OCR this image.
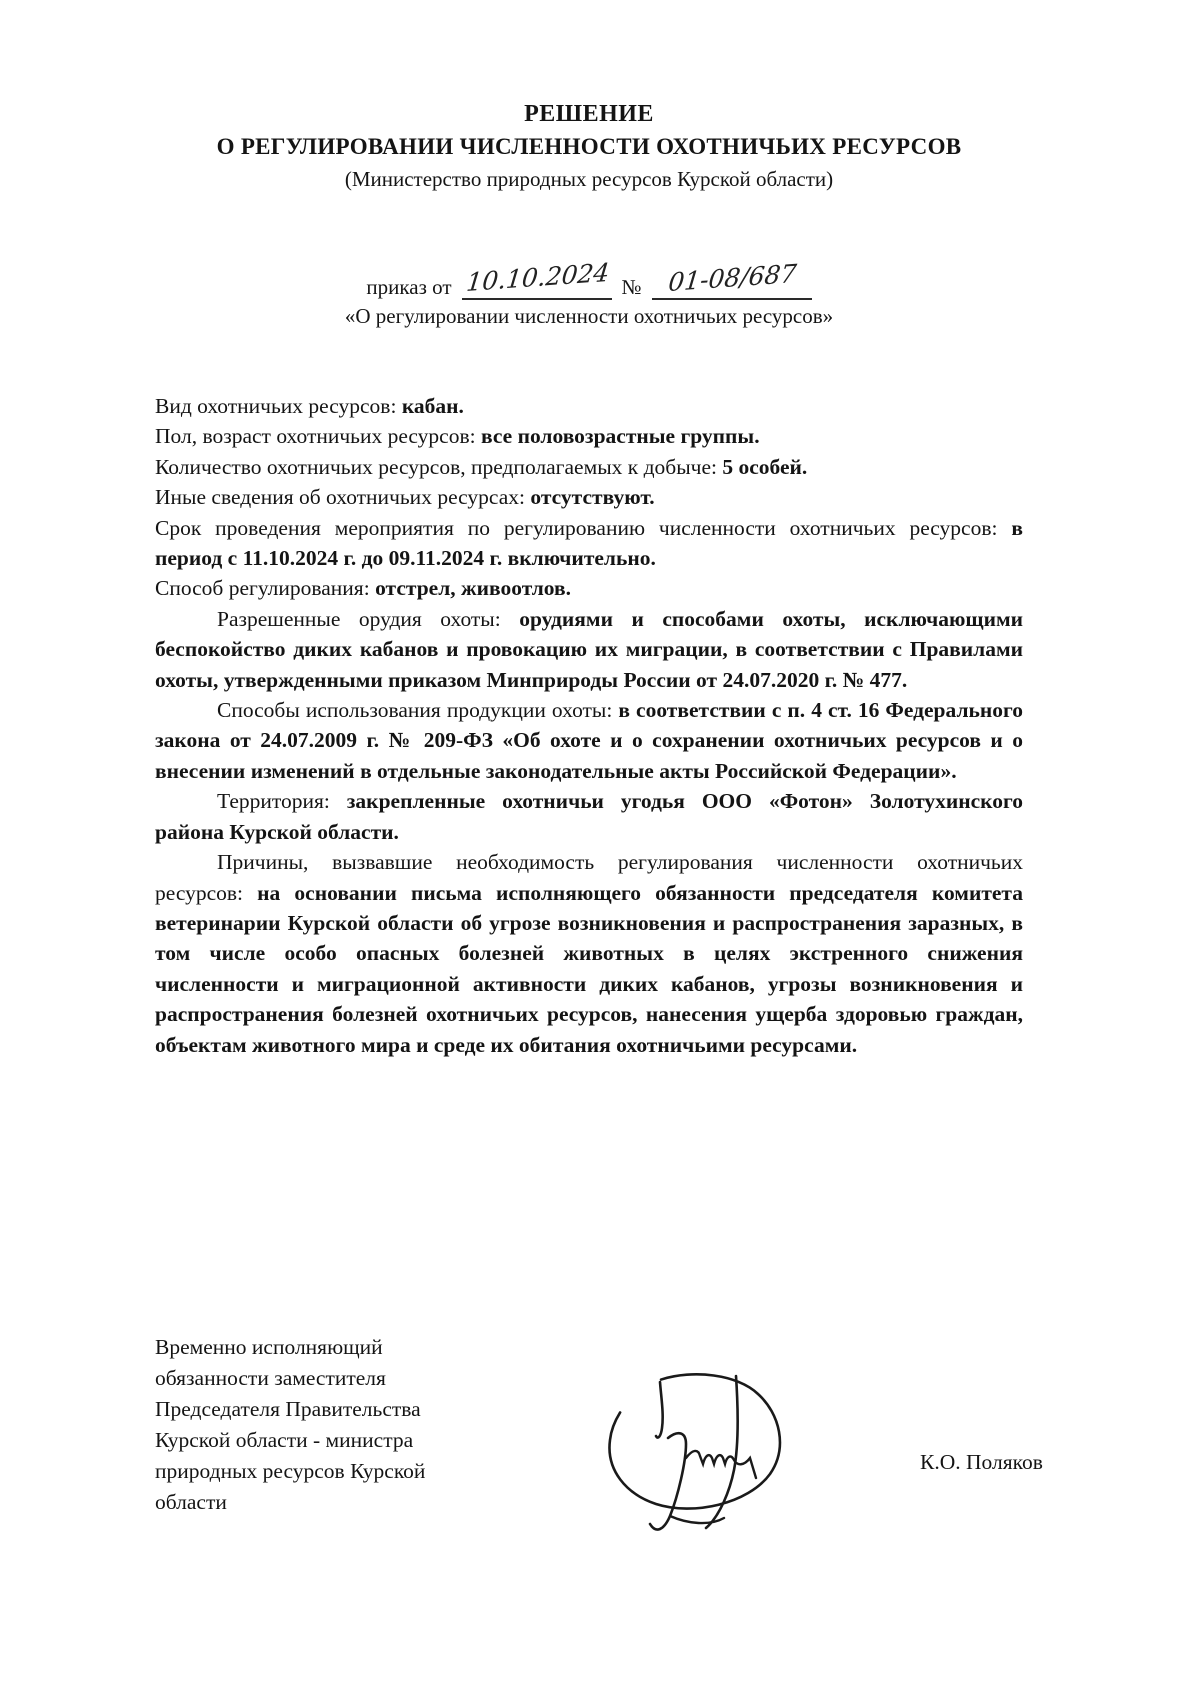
РЕШЕНИЕ
О РЕГУЛИРОВАНИИ ЧИСЛЕННОСТИ ОХОТНИЧЬИХ РЕСУРСОВ
(Министерство природных ресурсов Курской области)
приказ от 10.10.2024 №	01-08/687
«О регулировании численности охотничьих ресурсов»
Вид охотничьих ресурсов: кабан.
Пол, возраст охотничьих ресурсов: все половозрастные группы.
Количество охотничьих ресурсов, предполагаемых к добыче: 5 особей.
Иные сведения об охотничьих ресурсах: отсутствуют.
Срок проведения мероприятия по регулированию численности охотничьих ресурсов: в период с 11.10.2024 г. до 09.11.2024 г. включительно.
Способ регулирования: отстрел, живоотлов.
Разрешенные орудия охоты: орудиями и способами охоты, исключающими беспокойство диких кабанов и провокацию их миграции, в соответствии с Правилами охоты, утвержденными приказом Минприроды России от 24.07.2020 г. № 477.
Способы использования продукции охоты: в соответствии с п. 4 ст. 16 Федерального закона от 24.07.2009 г. № 209-ФЗ «Об охоте и о сохранении охотничьих ресурсов и о внесении изменений в отдельные законодательные акты Российской Федерации».
Территория: закрепленные охотничьи угодья ООО «Фотон» Золотухинского района Курской области.
Причины, вызвавшие необходимость регулирования численности охотничьих ресурсов: на основании письма исполняющего обязанности председателя комитета ветеринарии Курской области об угрозе возникновения и распространения заразных, в том числе особо опасных болезней животных в целях экстренного снижения численности и миграционной активности диких кабанов, угрозы возникновения и распространения болезней охотничьих ресурсов, нанесения ущерба здоровью граждан, объектам животного мира и среде их обитания охотничьими ресурсами.
Временно исполняющий
обязанности заместителя
Председателя Правительства
Курской области - министра
природных ресурсов Курской
области
К.О. Поляков
